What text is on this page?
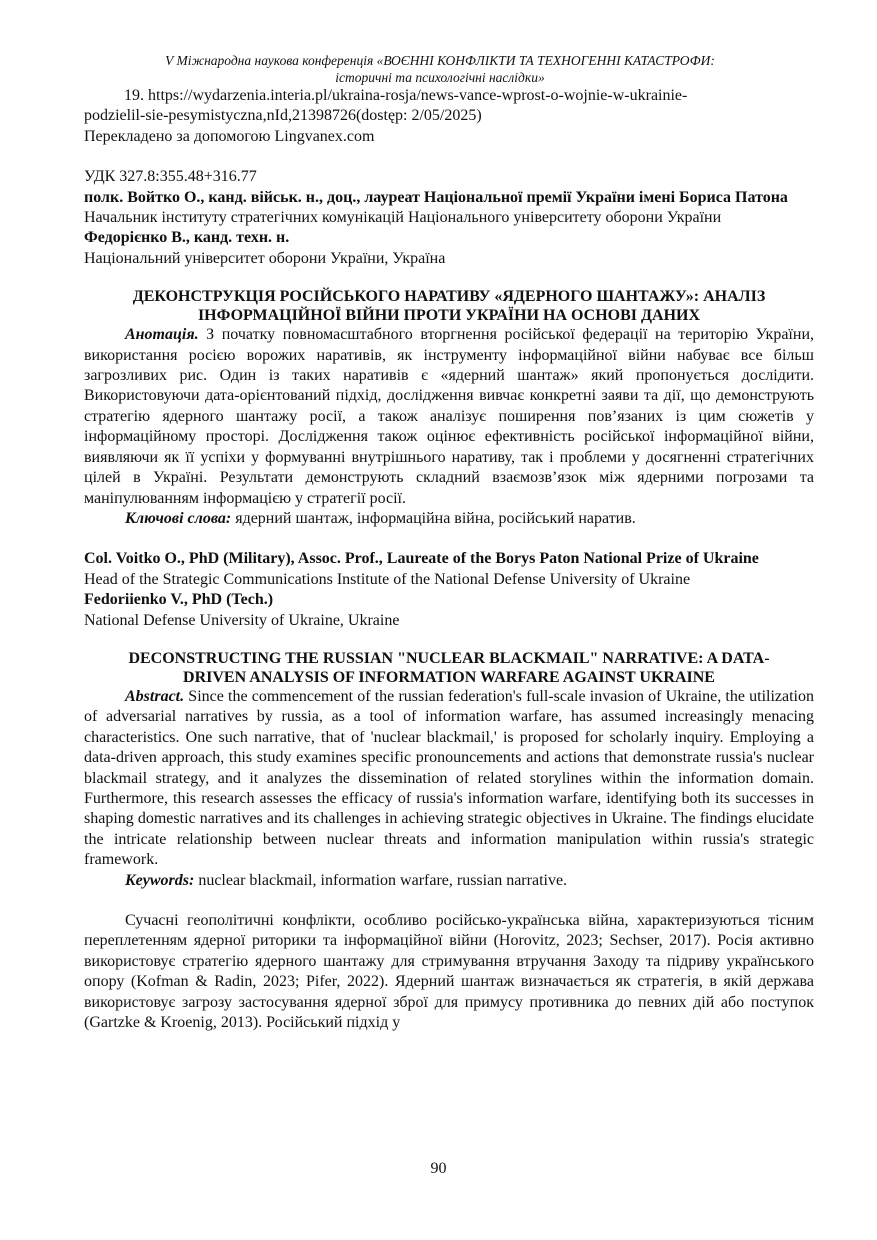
V Міжнародна наукова конференція «ВОЄННІ КОНФЛІКТИ ТА ТЕХНОГЕННІ КАТАСТРОФИ:
історичні та психологічні наслідки»

19. https://wydarzenia.interia.pl/ukraina-rosja/news-vance-wprost-o-wojnie-w-ukrainie-

podzielil-sie-pesymistyczna,nId,21398726(dostęp: 2/05/2025)

Перекладено за допомогою Lingvanex.com

УДК 327.8:355.48+316.77

полк. Войтко О., канд. військ. н., доц., лауреат Національної премії України імені Бориса Патона

Начальник інституту стратегічних комунікацій Національного університету оборони України

Федорієнко В., канд. техн. н.

Національний університет оборони України, Україна

ДЕКОНСТРУКЦІЯ РОСІЙСЬКОГО НАРАТИВУ «ЯДЕРНОГО ШАНТАЖУ»: АНАЛІЗ
ІНФОРМАЦІЙНОЇ ВІЙНИ ПРОТИ УКРАЇНИ НА ОСНОВІ ДАНИХ

Анотація. З початку повномасштабного вторгнення російської федерації на територію України, використання росією ворожих наративів, як інструменту інформаційної війни набуває все більш загрозливих рис. Один із таких наративів є «ядерний шантаж» який пропонується дослідити. Використовуючи дата-орієнтований підхід, дослідження вивчає конкретні заяви та дії, що демонструють стратегію ядерного шантажу росії, а також аналізує поширення пов’язаних із цим сюжетів у інформаційному просторі. Дослідження також оцінює ефективність російської інформаційної війни, виявляючи як її успіхи у формуванні внутрішнього наративу, так і проблеми у досягненні стратегічних цілей в Україні. Результати демонструють складний взаємозв’язок між ядерними погрозами та маніпулюванням інформацією у стратегії росії.

Ключові слова: ядерний шантаж, інформаційна війна, російський наратив.

Col. Voitko O., PhD (Military), Assoc. Prof., Laureate of the Borys Paton National Prize of Ukraine

Head of the Strategic Communications Institute of the National Defense University of Ukraine

Fedoriienko V., PhD (Tech.)

National Defense University of Ukraine, Ukraine

DECONSTRUCTING THE RUSSIAN "NUCLEAR BLACKMAIL" NARRATIVE: A DATA-
DRIVEN ANALYSIS OF INFORMATION WARFARE AGAINST UKRAINE

Abstract. Since the commencement of the russian federation's full-scale invasion of Ukraine, the utilization of adversarial narratives by russia, as a tool of information warfare, has assumed increasingly menacing characteristics. One such narrative, that of 'nuclear blackmail,' is proposed for scholarly inquiry. Employing a data-driven approach, this study examines specific pronouncements and actions that demonstrate russia's nuclear blackmail strategy, and it analyzes the dissemination of related storylines within the information domain. Furthermore, this research assesses the efficacy of russia's information warfare, identifying both its successes in shaping domestic narratives and its challenges in achieving strategic objectives in Ukraine. The findings elucidate the intricate relationship between nuclear threats and information manipulation within russia's strategic framework.

Keywords: nuclear blackmail, information warfare, russian narrative.

Сучасні геополітичні конфлікти, особливо російсько-українська війна, характеризуються тісним переплетенням ядерної риторики та інформаційної війни (Horovitz, 2023; Sechser, 2017). Росія активно використовує стратегію ядерного шантажу для стримування втручання Заходу та підриву українського опору (Kofman & Radin, 2023; Pifer, 2022). Ядерний шантаж визначається як стратегія, в якій держава використовує загрозу застосування ядерної зброї для примусу противника до певних дій або поступок (Gartzke & Kroenig, 2013). Російський підхід у

90
